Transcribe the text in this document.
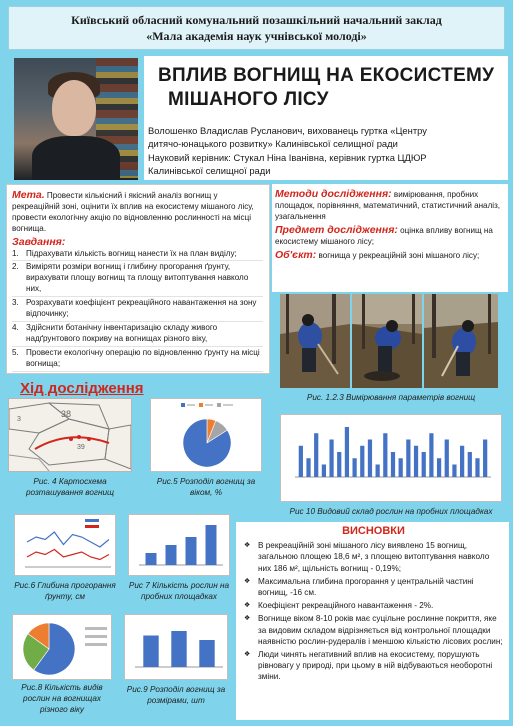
Київський обласний комунальний позашкільний начальний заклад
«Мала академія наук учнівської молоді»
ВПЛИВ ВОГНИЩ НА ЕКОСИСТЕМУ
МІШАНОГО ЛІСУ
Волошенко Владислав Русланович, вихованець гуртка «Центру
дитячо-юнацького розвитку» Калинівської селищної ради
Науковий керівник: Стукал Ніна Іванівна, керівник гуртка ЦДЮР
Калинівської селищної ради

Мета. Провести кількісний і якісний аналіз вогнищ у рекреаційній зоні, оцінити їх вплив на екосистему мішаного лісу, провести екологічну акцію по відновленню рослинності на місці вогнища.

Завдання:
1. Підрахувати кількість вогнищ нанести їх на план виділу;
2. Виміряти розміри вогнищ і глибину прогорання ґрунту, вирахувати площу вогнищ та площу витоптування навколо них,
3. Розрахувати коефіцієнт рекреаційного навантаження на зону відпочинку;
4. Здійснити ботанічну інвентаризацію складу живого надґрунтового покриву на вогнищах різного віку,
5. Провести екологічну операцію по відновленню ґрунту на місці вогнища;

Методи дослідження: вимірювання, пробних площадок, порівняння, математичний, статистичний аналіз, узагальнення

Предмет дослідження: оцінка впливу вогнищ на екосистему мішаного лісу;

Об'єкт: вогнища у рекреаційній зоні мішаного лісу;

Рис. 1.2.3 Вимірювання параметрів вогнищ
Хід дослідження
38
39
3
Рис. 4 Картосхема розташування вогнищ
Рис.5 Розподіл вогнищ за віком, %
Рис 10 Видовий склад рослин на пробних площадках
Рис.6 Глибина прогорання ґрунту, см
Рис 7 Кількість рослин на пробних площадках
Рис.8 Кількість видів рослин на вогнищах різного віку
Рис.9 Розподіл вогнищ за розмірами, шт
ВИСНОВКИ
❖ В рекреаційній зоні мішаного лісу виявлено 15 вогнищ, загальною площею 18,6 м², з площею витоптування навколо них 186 м², щільність вогнищ - 0,19%;
❖ Максимальна глибина прогорання у центральній частині вогнищ, -16 см.
❖ Коефіцієнт рекреаційного навантаження - 2%.
❖ Вогнище віком 8-10 років має суцільне рослинне покриття, яке за видовим складом відрізняється від контрольної площадки наявністю рослин-рудералів і меншою кількістю лісових рослин;
❖ Люди чинять негативний вплив на екосистему, порушують рівновагу у природі, при цьому в ній відбуваються необоротні зміни.
